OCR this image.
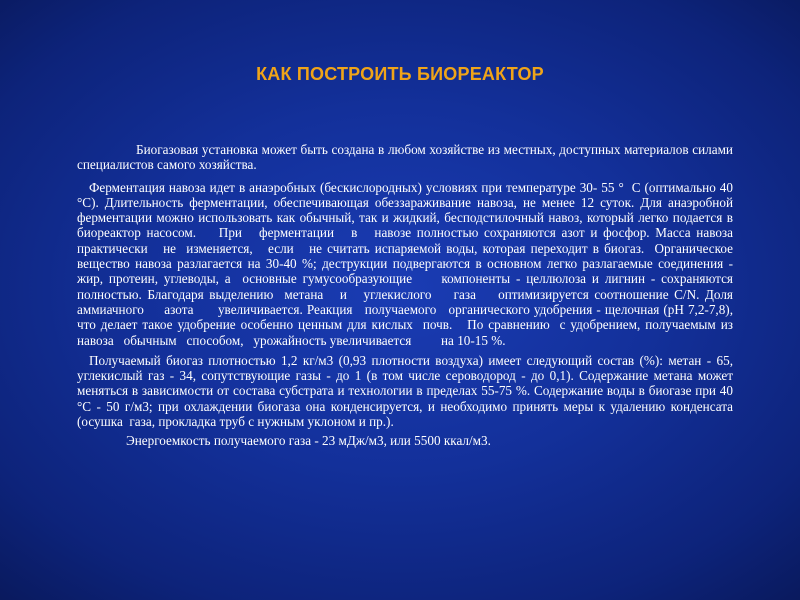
КАК ПОСТРОИТЬ БИОРЕАКТОР

Биогазовая установка может быть создана в любом хозяйстве из местных, доступных материалов силами специалистов самого хозяйства.

Ферментация навоза идет в анаэробных (бескислородных) условиях при температуре 30- 55 °  C (оптимально 40 °C). Длительность ферментации, обеспечивающая обеззараживание навоза, не менее 12 суток. Для анаэробной ферментации можно использовать как обычный, так и жидкий, бесподстилочный навоз, который легко подается в биореактор насосом.    При   ферментации   в   навозе полностью сохраняются азот и фосфор. Масса навоза практически   не  изменяется,   если   не считать испаряемой воды, которая переходит в биогаз.  Органическое вещество навоза разлагается на 30-40 %; деструкции подвергаются в основном легко разлагаемые соединения - жир, протеин, углеводы, а  основные гумусообразующие     компоненты - целлюлоза и лигнин - сохраняются полностью. Благодаря выделению  метана   и   углекислого    газа    оптимизируется соотношение C/N. Доля аммиачного     азота      увеличивается. Реакция   получаемого   органического удобрения - щелочная (pH 7,2-7,8), что делает такое удобрение особенно ценным для кислых  почв.   По сравнению  с удобрением, получаемым из навоза   обычным   способом,   урожайность увеличивается         на 10-15 %.

Получаемый биогаз плотностью 1,2 кг/м3 (0,93 плотности воздуха) имеет следующий состав (%): метан - 65, углекислый газ - 34, сопутствующие газы - до 1 (в том числе сероводород - до 0,1). Содержание метана может меняться в зависимости от состава субстрата и технологии в пределах 55-75 %. Содержание воды в биогазе при 40 °C - 50 г/м3; при охлаждении биогаза она конденсируется, и необходимо принять меры к удалению конденсата   (осушка  газа, прокладка труб с нужным уклоном и пр.).

Энергоемкость получаемого газа - 23 мДж/м3, или 5500 ккал/м3.
